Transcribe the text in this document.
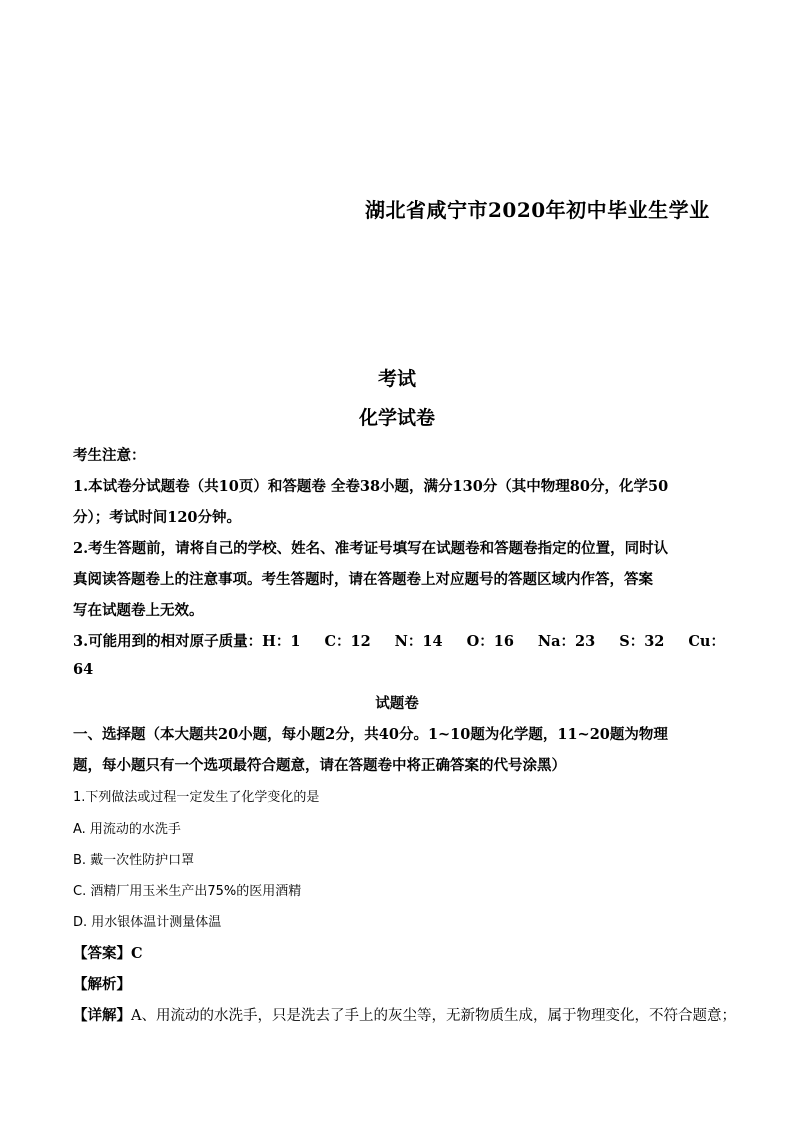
湖北省咸宁市2020年初中毕业生学业
考试
化学试卷
考生注意：
1.本试卷分试题卷（共10页）和答题卷 全卷38小题，满分130分（其中物理80分，化学50
分）；考试时间120分钟。
2.考生答题前，请将自己的学校、姓名、准考证号填写在试题卷和答题卷指定的位置，同时认
真阅读答题卷上的注意事项。考生答题时，请在答题卷上对应题号的答题区域内作答，答案
写在试题卷上无效。
3.可能用到的相对原子质量：H：1 C：12 N：14 O：16 Na：23 S：32 Cu：
64
试题卷
一、选择题（本大题共20小题，每小题2分，共40分。1~10题为化学题，11~20题为物理
题，每小题只有一个选项最符合题意，请在答题卷中将正确答案的代号涂黑）
1.下列做法或过程一定发生了化学变化的是
A. 用流动的水洗手
B. 戴一次性防护口罩
C. 酒精厂用玉米生产出75%的医用酒精
D. 用水银体温计测量体温
【答案】C
【解析】
【详解】A、用流动的水洗手，只是洗去了手上的灰尘等，无新物质生成，属于物理变化，不符合题意；
